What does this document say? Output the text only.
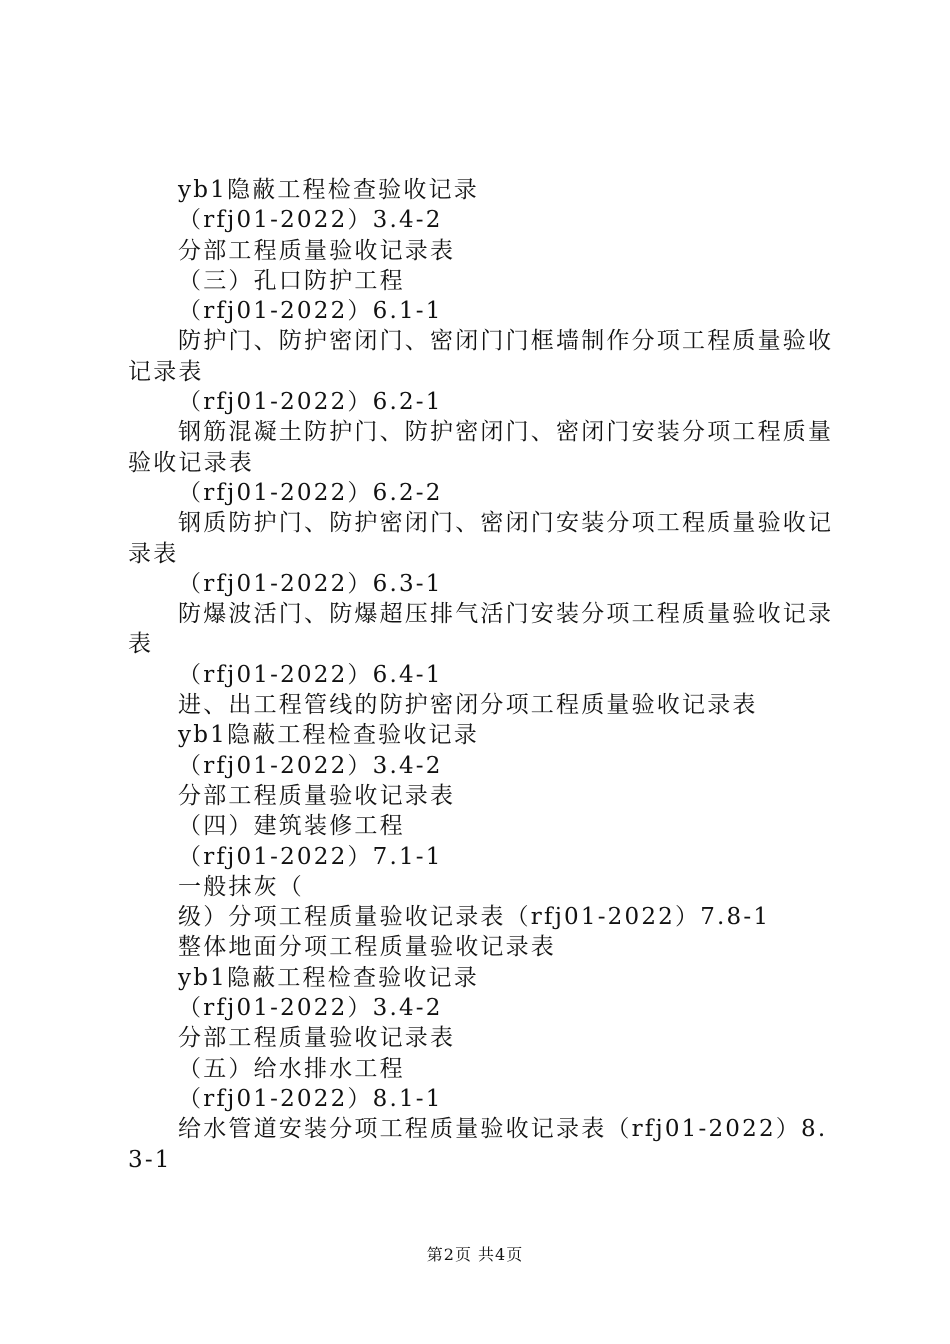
yb1隐蔽工程检查验收记录

（rfj01-2022）3.4-2

分部工程质量验收记录表

（三）孔口防护工程

（rfj01-2022）6.1-1

防护门、防护密闭门、密闭门门框墙制作分项工程质量验收记录表

（rfj01-2022）6.2-1

钢筋混凝土防护门、防护密闭门、密闭门安装分项工程质量验收记录表

（rfj01-2022）6.2-2

钢质防护门、防护密闭门、密闭门安装分项工程质量验收记录表

（rfj01-2022）6.3-1

防爆波活门、防爆超压排气活门安装分项工程质量验收记录表

（rfj01-2022）6.4-1

进、出工程管线的防护密闭分项工程质量验收记录表

yb1隐蔽工程检查验收记录

（rfj01-2022）3.4-2

分部工程质量验收记录表

（四）建筑装修工程

（rfj01-2022）7.1-1

一般抹灰（

级）分项工程质量验收记录表（rfj01-2022）7.8-1

整体地面分项工程质量验收记录表

yb1隐蔽工程检查验收记录

（rfj01-2022）3.4-2

分部工程质量验收记录表

（五）给水排水工程

（rfj01-2022）8.1-1

给水管道安装分项工程质量验收记录表（rfj01-2022）8.3-1

第2页 共4页
